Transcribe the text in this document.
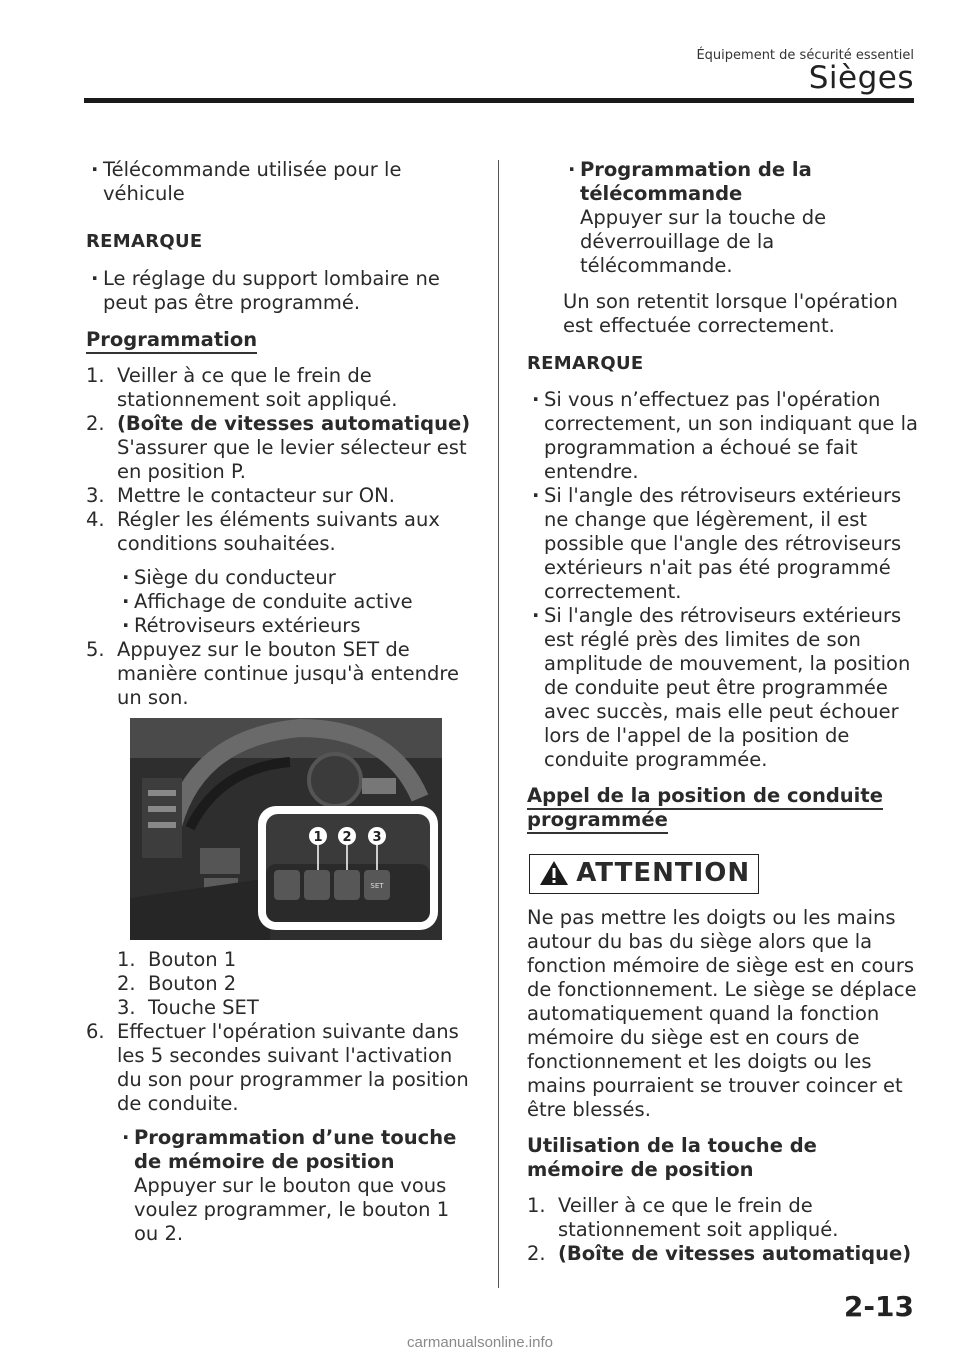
Équipement de sécurité essentiel
Sièges

· Télécommande utilisée pour le véhicule

REMARQUE

· Le réglage du support lombaire ne peut pas être programmé.

Programmation

1. Veiller à ce que le frein de stationnement soit appliqué.
2. (Boîte de vitesses automatique)
S'assurer que le levier sélecteur est en position P.
3. Mettre le contacteur sur ON.
4. Régler les éléments suivants aux conditions souhaitées.

· Siège du conducteur

· Affichage de conduite active

· Rétroviseurs extérieurs

5. Appuyez sur le bouton SET de manière continue jusqu'à entendre un son.
1 2 3
SET
1. Bouton 1
2. Bouton 2
3. Touche SET
6. Effectuer l'opération suivante dans les 5 secondes suivant l'activation du son pour programmer la position de conduite.
· Programmation d’une touche de mémoire de position
Appuyer sur le bouton que vous voulez programmer, le bouton 1 ou 2.
· Programmation de la télécommande
Appuyer sur la touche de déverrouillage de la télécommande.

Un son retentit lorsque l'opération est effectuée correctement.

REMARQUE

· Si vous n’effectuez pas l'opération correctement, un son indiquant que la programmation a échoué se fait entendre.

· Si l'angle des rétroviseurs extérieurs ne change que légèrement, il est possible que l'angle des rétroviseurs extérieurs n'ait pas été programmé correctement.

· Si l'angle des rétroviseurs extérieurs est réglé près des limites de son amplitude de mouvement, la position de conduite peut être programmée avec succès, mais elle peut échouer lors de l'appel de la position de conduite programmée.

Appel de la position de conduite
programmée

ATTENTION

Ne pas mettre les doigts ou les mains autour du bas du siège alors que la fonction mémoire de siège est en cours de fonctionnement. Le siège se déplace automatiquement quand la fonction mémoire du siège est en cours de fonctionnement et les doigts ou les mains pourraient se trouver coincer et être blessés.

Utilisation de la touche de mémoire de position

1. Veiller à ce que le frein de stationnement soit appliqué.
2. (Boîte de vitesses automatique)
2-13
carmanualsonline.info
